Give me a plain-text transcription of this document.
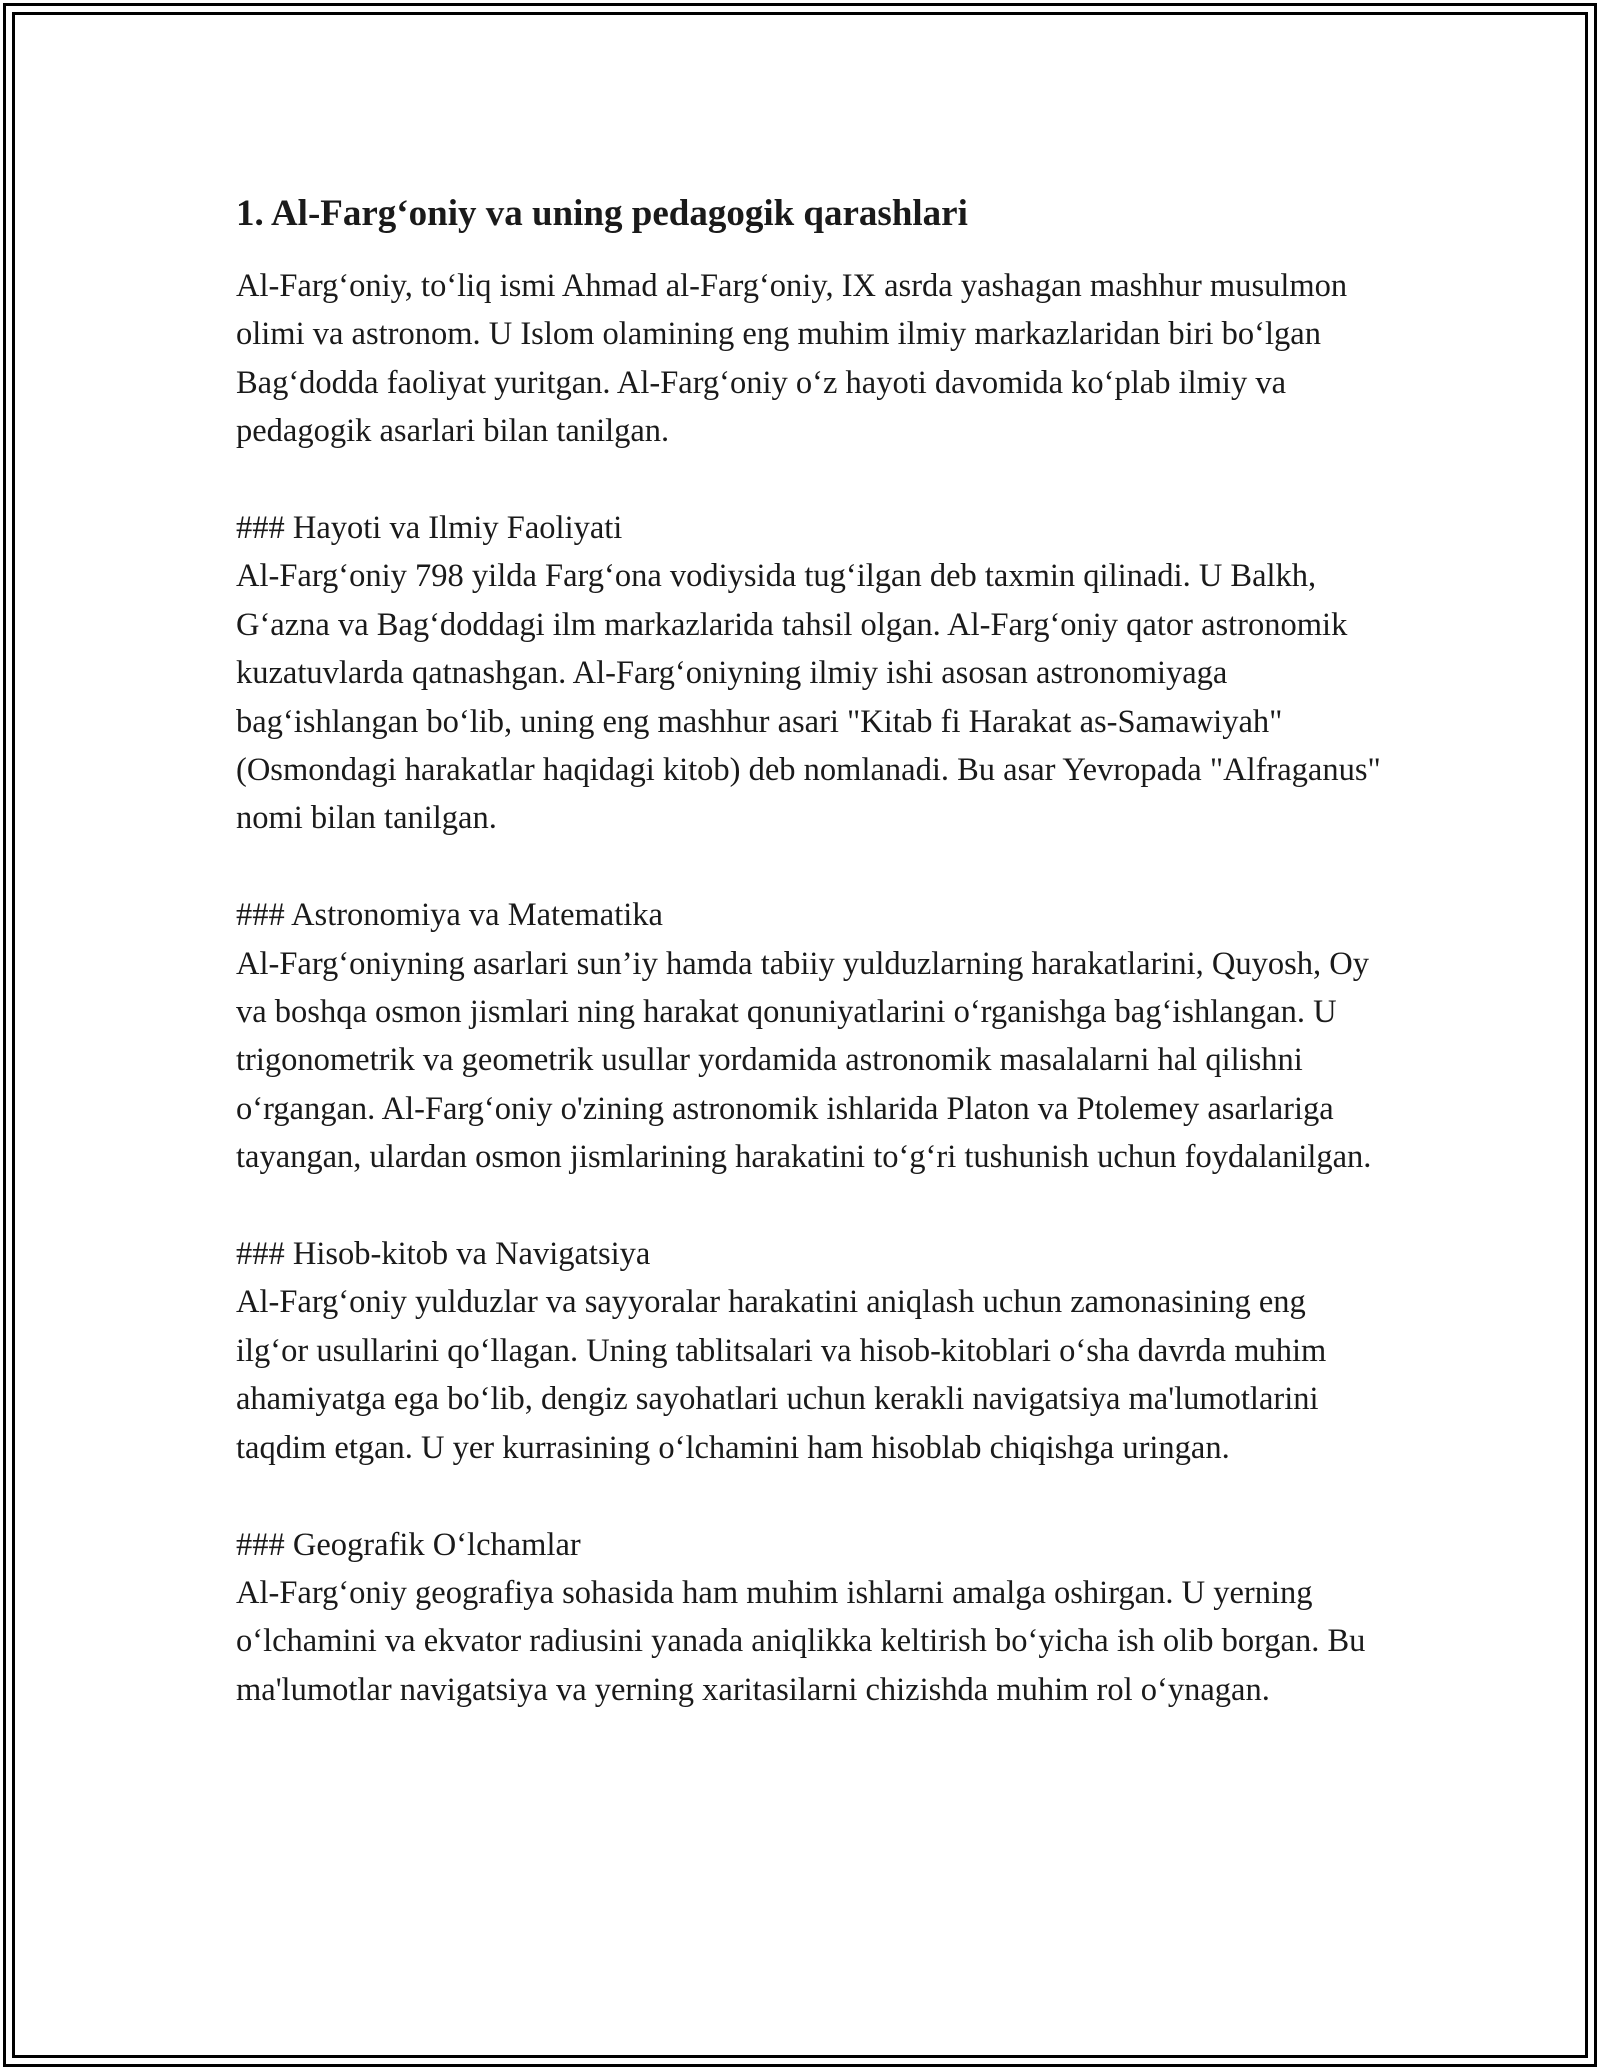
1. Al-Farg‘oniy va uning pedagogik qarashlari

Al-Farg‘oniy, to‘liq ismi Ahmad al-Farg‘oniy, IX asrda yashagan mashhur musulmon olimi va astronom. U Islom olamining eng muhim ilmiy markazlaridan biri bo‘lgan Bag‘dodda faoliyat yuritgan. Al-Farg‘oniy o‘z hayoti davomida ko‘plab ilmiy va pedagogik asarlari bilan tanilgan.

### Hayoti va Ilmiy Faoliyati

Al-Farg‘oniy 798 yilda Farg‘ona vodiysida tug‘ilgan deb taxmin qilinadi. U Balkh, G‘azna va Bag‘doddagi ilm markazlarida tahsil olgan. Al-Farg‘oniy qator astronomik kuzatuvlarda qatnashgan. Al-Farg‘oniyning ilmiy ishi asosan astronomiyaga bag‘ishlangan bo‘lib, uning eng mashhur asari "Kitab fi Harakat as-Samawiyah" (Osmondagi harakatlar haqidagi kitob) deb nomlanadi. Bu asar Yevropada "Alfraganus" nomi bilan tanilgan.

### Astronomiya va Matematika

Al-Farg‘oniyning asarlari sun’iy hamda tabiiy yulduzlarning harakatlarini, Quyosh, Oy va boshqa osmon jismlari ning harakat qonuniyatlarini o‘rganishga bag‘ishlangan. U trigonometrik va geometrik usullar yordamida astronomik masalalarni hal qilishni o‘rgangan. Al-Farg‘oniy o'zining astronomik ishlarida Platon va Ptolemey asarlariga tayangan, ulardan osmon jismlarining harakatini to‘g‘ri tushunish uchun foydalanilgan.

### Hisob-kitob va Navigatsiya

Al-Farg‘oniy yulduzlar va sayyoralar harakatini aniqlash uchun zamonasining eng ilg‘or usullarini qo‘llagan. Uning tablitsalari va hisob-kitoblari o‘sha davrda muhim ahamiyatga ega bo‘lib, dengiz sayohatlari uchun kerakli navigatsiya ma'lumotlarini taqdim etgan. U yer kurrasining o‘lchamini ham hisoblab chiqishga uringan.

### Geografik O‘lchamlar

Al-Farg‘oniy geografiya sohasida ham muhim ishlarni amalga oshirgan. U yerning o‘lchamini va ekvator radiusini yanada aniqlikka keltirish bo‘yicha ish olib borgan. Bu ma'lumotlar navigatsiya va yerning xaritasilarni chizishda muhim rol o‘ynagan.
